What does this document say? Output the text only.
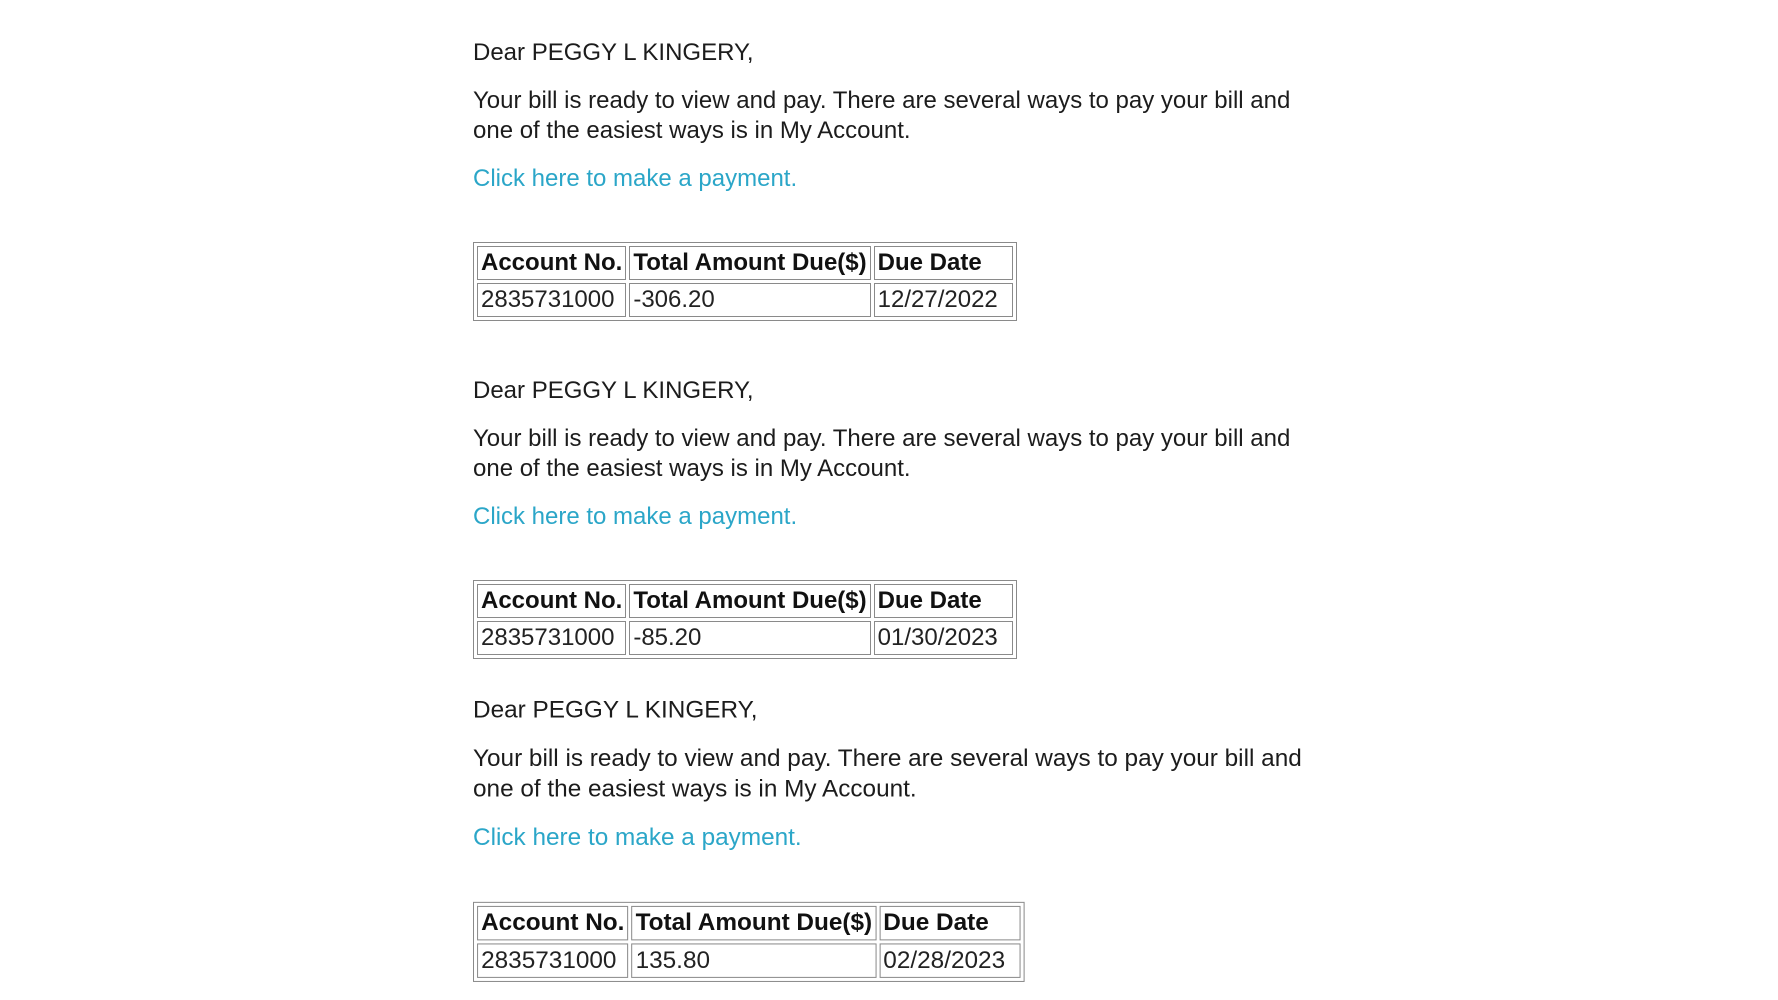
Dear PEGGY L KINGERY,

Your bill is ready to view and pay. There are several ways to pay your bill and one of the easiest ways is in My Account.

Click here to make a payment.
Account No.	Total Amount Due($)	Due Date
2835731000	-306.20	12/27/2022

Dear PEGGY L KINGERY,

Your bill is ready to view and pay. There are several ways to pay your bill and one of the easiest ways is in My Account.

Click here to make a payment.
Account No.	Total Amount Due($)	Due Date
2835731000	-85.20	01/30/2023

Dear PEGGY L KINGERY,

Your bill is ready to view and pay. There are several ways to pay your bill and one of the easiest ways is in My Account.

Click here to make a payment.
Account No.	Total Amount Due($)	Due Date
2835731000	135.80	02/28/2023
